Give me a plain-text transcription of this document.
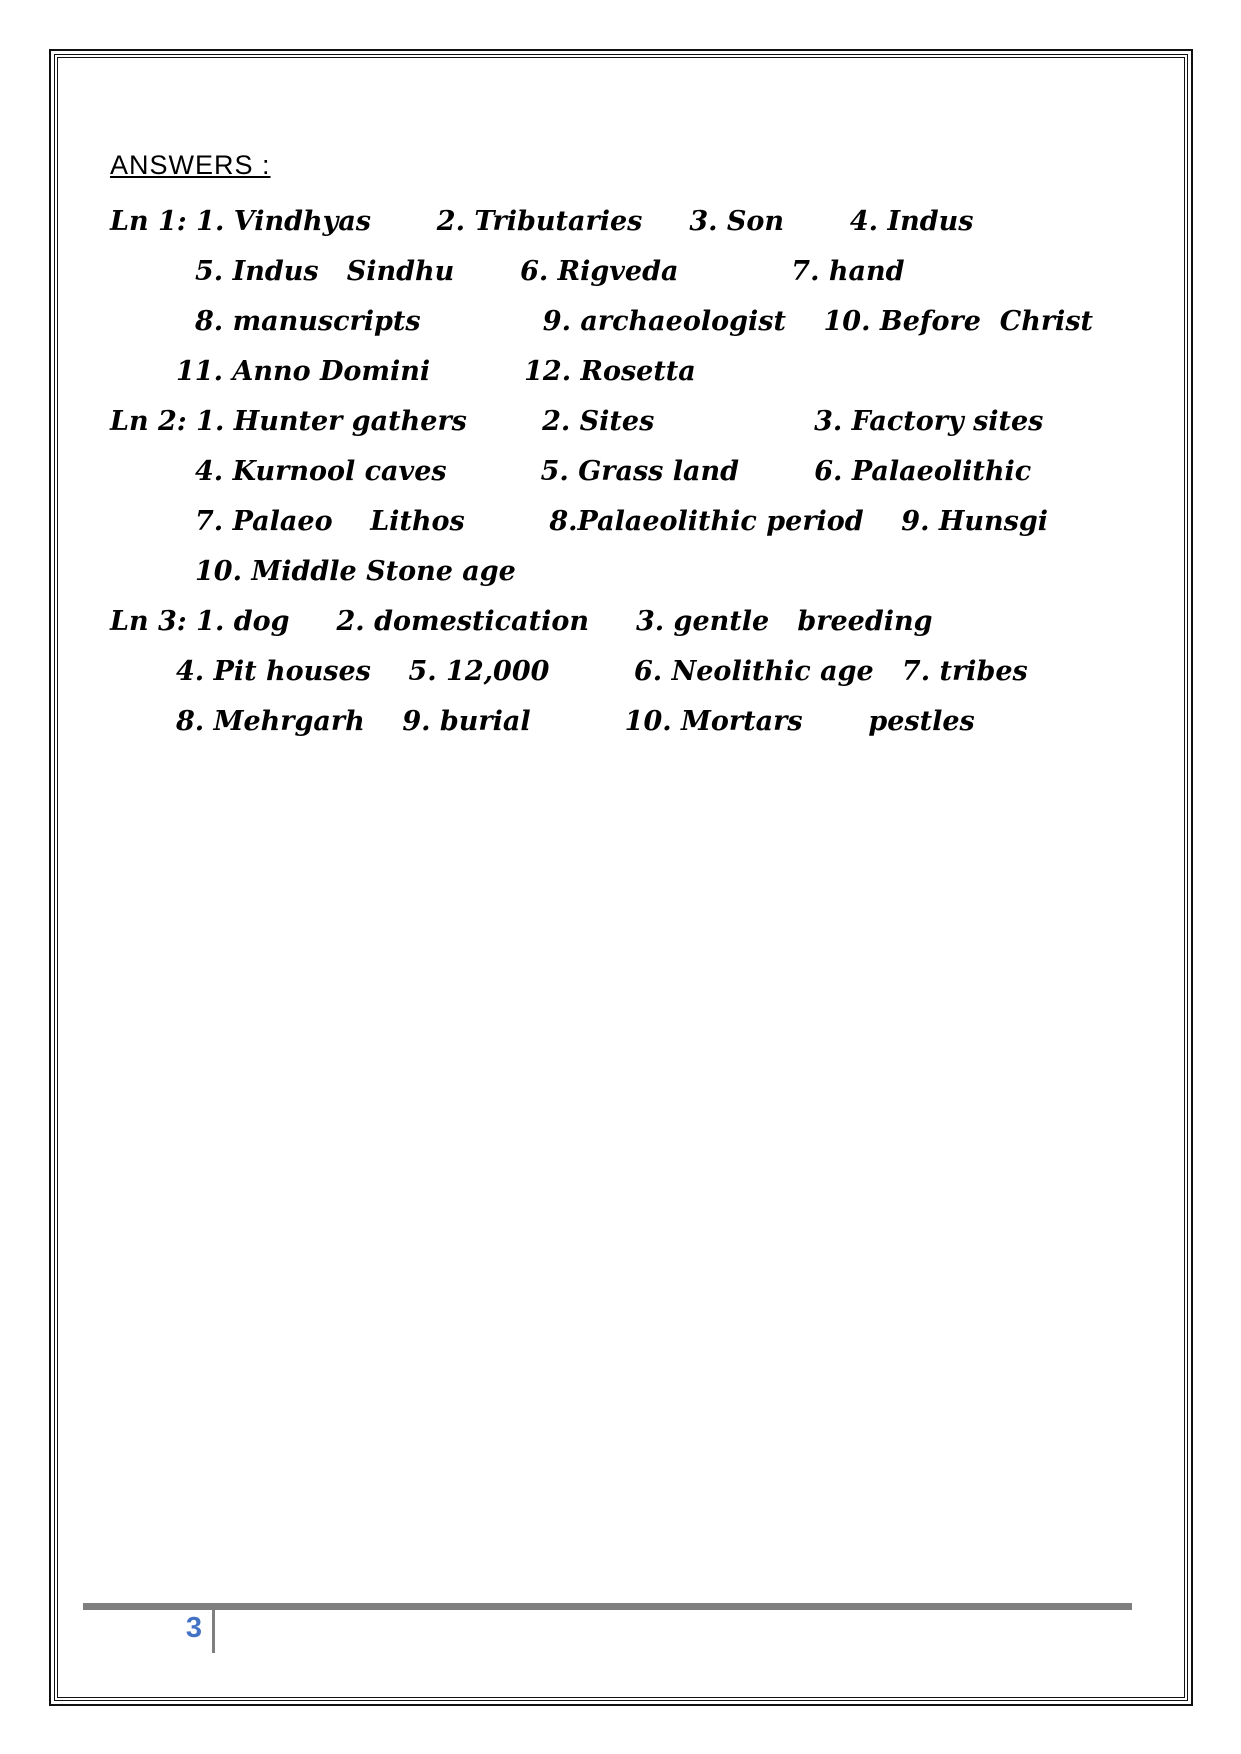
ANSWERS :
Ln 1: 1. Vindhyas       2. Tributaries     3. Son       4. Indus
5. Indus   Sindhu       6. Rigveda            7. hand
8. manuscripts             9. archaeologist    10. Before  Christ
11. Anno Domini          12. Rosetta
Ln 2: 1. Hunter gathers        2. Sites                 3. Factory sites
4. Kurnool caves          5. Grass land        6. Palaeolithic
7. Palaeo    Lithos         8.Palaeolithic period    9. Hunsgi
10. Middle Stone age
Ln 3: 1. dog     2. domestication     3. gentle   breeding
4. Pit houses    5. 12,000         6. Neolithic age   7. tribes
8. Mehrgarh    9. burial          10. Mortars       pestles
3
